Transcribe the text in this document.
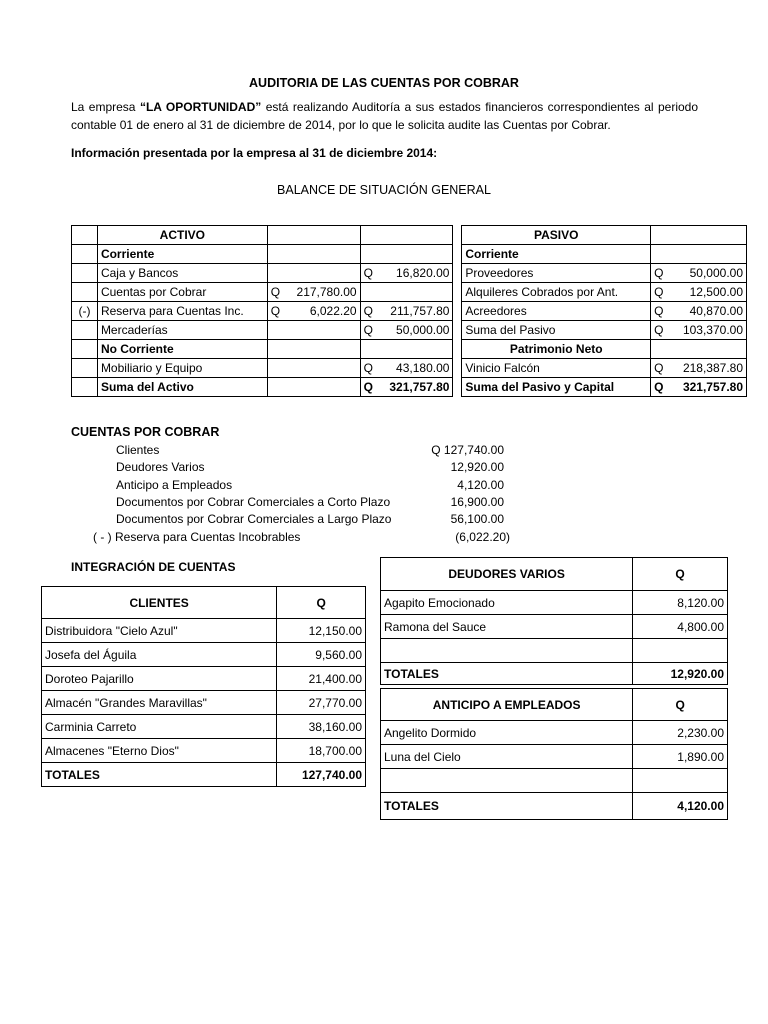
AUDITORIA DE LAS CUENTAS POR COBRAR
La empresa “LA OPORTUNIDAD” está realizando Auditoría a sus estados financieros correspondientes al periodo contable 01 de enero al 31 de diciembre de 2014, por lo que le solicita audite las Cuentas por Cobrar.
Información presentada por la empresa al 31 de diciembre 2014:
BALANCE DE SITUACIÓN GENERAL
	ACTIVO				PASIVO	
	Corriente				Corriente	
	Caja y Bancos		Q 16,820.00		Proveedores	Q 50,000.00

	Cuentas por Cobrar	Q 217,780.00			Alquileres Cobrados por Ant.	Q 12,500.00

(-)	Reserva para Cuentas Inc.	Q 6,022.20	Q 211,757.80		Acreedores	Q 40,870.00

	Mercaderías		Q 50,000.00		Suma del Pasivo	Q 103,370.00

	No Corriente				Patrimonio Neto	
	Mobiliario y Equipo		Q 43,180.00		Vinicio Falcón	Q 218,387.80

	Suma del Activo		Q 321,757.80		Suma del Pasivo y Capital	Q 321,757.80
CUENTAS POR COBRAR
Clientes	Q 127,740.00
Deudores Varios	12,920.00
Anticipo a Empleados	4,120.00
Documentos por Cobrar Comerciales a Corto Plazo	16,900.00
Documentos por Cobrar Comerciales a Largo Plazo	56,100.00
( - ) Reserva para Cuentas Incobrables	(6,022.20)
INTEGRACIÓN DE CUENTAS
CLIENTES	Q
Distribuidora "Cielo Azul"	12,150.00
Josefa del Águila	9,560.00
Doroteo Pajarillo	21,400.00
Almacén "Grandes Maravillas"	27,770.00
Carminia Carreto	38,160.00
Almacenes "Eterno Dios"	18,700.00
TOTALES	127,740.00
DEUDORES VARIOS	Q
Agapito Emocionado	8,120.00
Ramona del Sauce	4,800.00

TOTALES	12,920.00
ANTICIPO A EMPLEADOS	Q
Angelito Dormido	2,230.00
Luna del Cielo	1,890.00

TOTALES	4,120.00
